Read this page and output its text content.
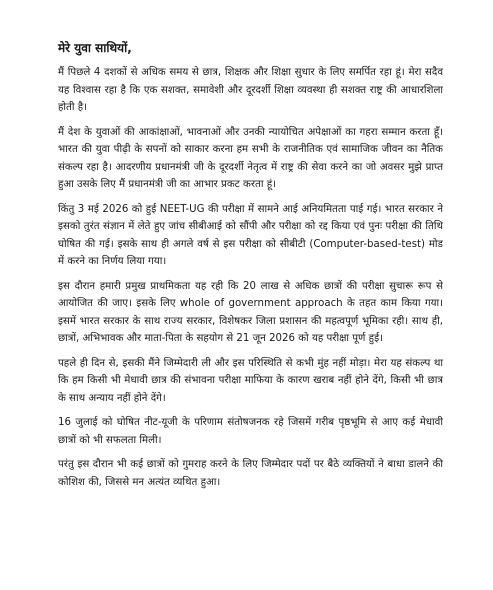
मेरे युवा साथियों,

मैं पिछले 4 दशकों से अधिक समय से छात्र, शिक्षक और शिक्षा सुधार के लिए समर्पित रहा हूं। मेरा सदैव यह विश्वास रहा है कि एक सशक्त, समावेशी और दूरदर्शी शिक्षा व्यवस्था ही सशक्त राष्ट्र की आधारशिला होती है।

मैं देश के युवाओं की आकांक्षाओं, भावनाओं और उनकी न्यायोचित अपेक्षाओं का गहरा सम्मान करता हूँ। भारत की युवा पीढ़ी के सपनों को साकार करना हम सभी के राजनीतिक एवं सामाजिक जीवन का नैतिक संकल्प रहा है। आदरणीय प्रधानमंत्री जी के दूरदर्शी नेतृत्व में राष्ट्र की सेवा करने का जो अवसर मुझे प्राप्त हुआ उसके लिए मैं प्रधानमंत्री जी का आभार प्रकट करता हूं।

किंतु 3 मई 2026 को हुई NEET-UG की परीक्षा में सामने आई अनियमितता पाई गई। भारत सरकार ने इसको तुरंत संज्ञान में लेते हुए जांच सीबीआई को सौंपी और परीक्षा को रद्द किया एवं पुनः परीक्षा की तिथि घोषित की गई। इसके साथ ही अगले वर्ष से इस परीक्षा को सीबीटी (Computer-based-test) मोड में करने का निर्णय लिया गया।

इस दौरान हमारी प्रमुख प्राथमिकता यह रही कि 20 लाख से अधिक छात्रों की परीक्षा सुचारू रूप से आयोजित की जाए। इसके लिए whole of government approach के तहत काम किया गया। इसमें भारत सरकार के साथ राज्य सरकार, विशेषकर जिला प्रशासन की महत्वपूर्ण भूमिका रही। साथ ही, छात्रों, अभिभावक और माता-पिता के सहयोग से 21 जून 2026 को यह परीक्षा पूर्ण हुई।

पहले ही दिन से, इसकी मैंने जिम्मेदारी ली और इस परिस्थिति से कभी मुंह नहीं मोड़ा। मेरा यह संकल्प था कि हम किसी भी मेधावी छात्र की संभावना परीक्षा माफिया के कारण खराब नहीं होने देंगे, किसी भी छात्र के साथ अन्याय नहीं होने देंगे।

16 जुलाई को घोषित नीट-यूजी के परिणाम संतोषजनक रहे जिसमें गरीब पृष्ठभूमि से आए कई मेधावी छात्रों को भी सफलता मिली।

परंतु इस दौरान भी कई छात्रों को गुमराह करने के लिए जिम्मेदार पदों पर बैठे व्यक्तियों ने बाधा डालने की कोशिश की, जिससे मन अत्यंत व्यथित हुआ।
